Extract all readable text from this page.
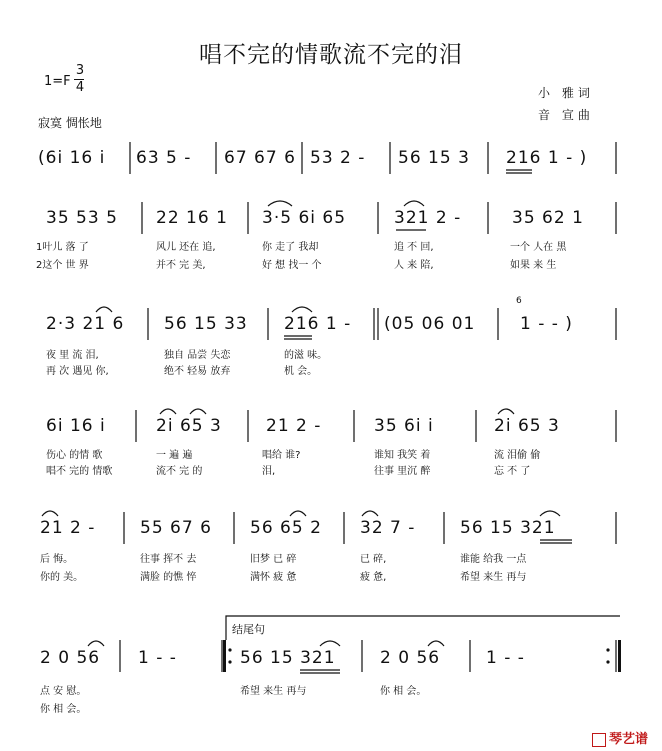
唱不完的情歌流不完的泪
1=F
3
4	小 雅词
音 宣曲
寂寞 惆怅地
(6i 16 i 63 5 - 67 67 6 53 2 - 56 15 3 216 1 - )
35 53 5 22 16 1 3·5 6i 65	321 2 -	35 62 1
1叶儿 落 了	风儿 还在 追,	你 走了 我却	追 不 回,	一个 人在 黑
2这个 世 界	并不 完 美,	好 想 找一 个	人 来 陪,	如果 来 生
2·3 21 6 56 15 33 216 1 - (05 06 01	1 - - )
夜 里 流 泪,	独自 品尝 失恋	的滋 味。
再 次 遇见 你,	绝不 轻易 放弃	机 会。
6
6i 16 i	2i 65 3	21 2 -	35 6i i	2i 65 3
伤心 的情 歌	一 遍 遍	唱给 谁?	谁知 我笑 着	流 泪偷 偷
唱不 完的 情歌	流不 完 的	泪,	往事 里沉 醉	忘 不 了
21 2 -	55 67 6 56 65 2 32 7 -	56 15 321
后 悔。	往事 挥不 去	旧梦 已 碎	已 碎,	谁能 给我 一点
你的 美。	满脸 的憔 悴	满怀 疲 惫	疲 惫,	希望 来生 再与
结尾句
2 0 56 1 - -	56 15 321	2 0 56	1 - -
点 安 慰。	希望 来生 再与	你 相 会。
你 相 会。
琴艺谱
